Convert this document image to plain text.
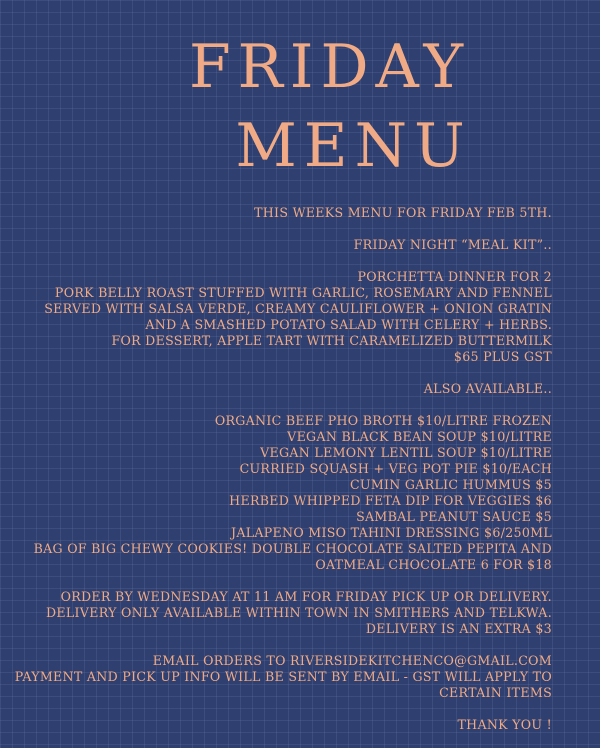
FRIDAY
MENU
THIS WEEKS MENU FOR FRIDAY FEB 5TH.
FRIDAY NIGHT “MEAL KIT”..
PORCHETTA DINNER FOR 2
PORK BELLY ROAST STUFFED WITH GARLIC, ROSEMARY AND FENNEL
SERVED WITH SALSA VERDE, CREAMY CAULIFLOWER + ONION GRATIN
AND A SMASHED POTATO SALAD WITH CELERY + HERBS.
FOR DESSERT, APPLE TART WITH CARAMELIZED BUTTERMILK
$65 PLUS GST
ALSO AVAILABLE..
ORGANIC BEEF PHO BROTH $10/LITRE FROZEN
VEGAN BLACK BEAN SOUP $10/LITRE
VEGAN LEMONY LENTIL SOUP $10/LITRE
CURRIED SQUASH + VEG POT PIE $10/EACH
CUMIN GARLIC HUMMUS $5
HERBED WHIPPED FETA DIP FOR VEGGIES $6
SAMBAL PEANUT SAUCE $5
JALAPENO MISO TAHINI DRESSING $6/250ML
BAG OF BIG CHEWY COOKIES! DOUBLE CHOCOLATE SALTED PEPITA AND
OATMEAL CHOCOLATE 6 FOR $18
ORDER BY WEDNESDAY AT 11 AM FOR FRIDAY PICK UP OR DELIVERY.
DELIVERY ONLY AVAILABLE WITHIN TOWN IN SMITHERS AND TELKWA.
DELIVERY IS AN EXTRA $3
EMAIL ORDERS TO RIVERSIDEKITCHENCO@GMAIL.COM
PAYMENT AND PICK UP INFO WILL BE SENT BY EMAIL - GST WILL APPLY TO
CERTAIN ITEMS
THANK YOU !
